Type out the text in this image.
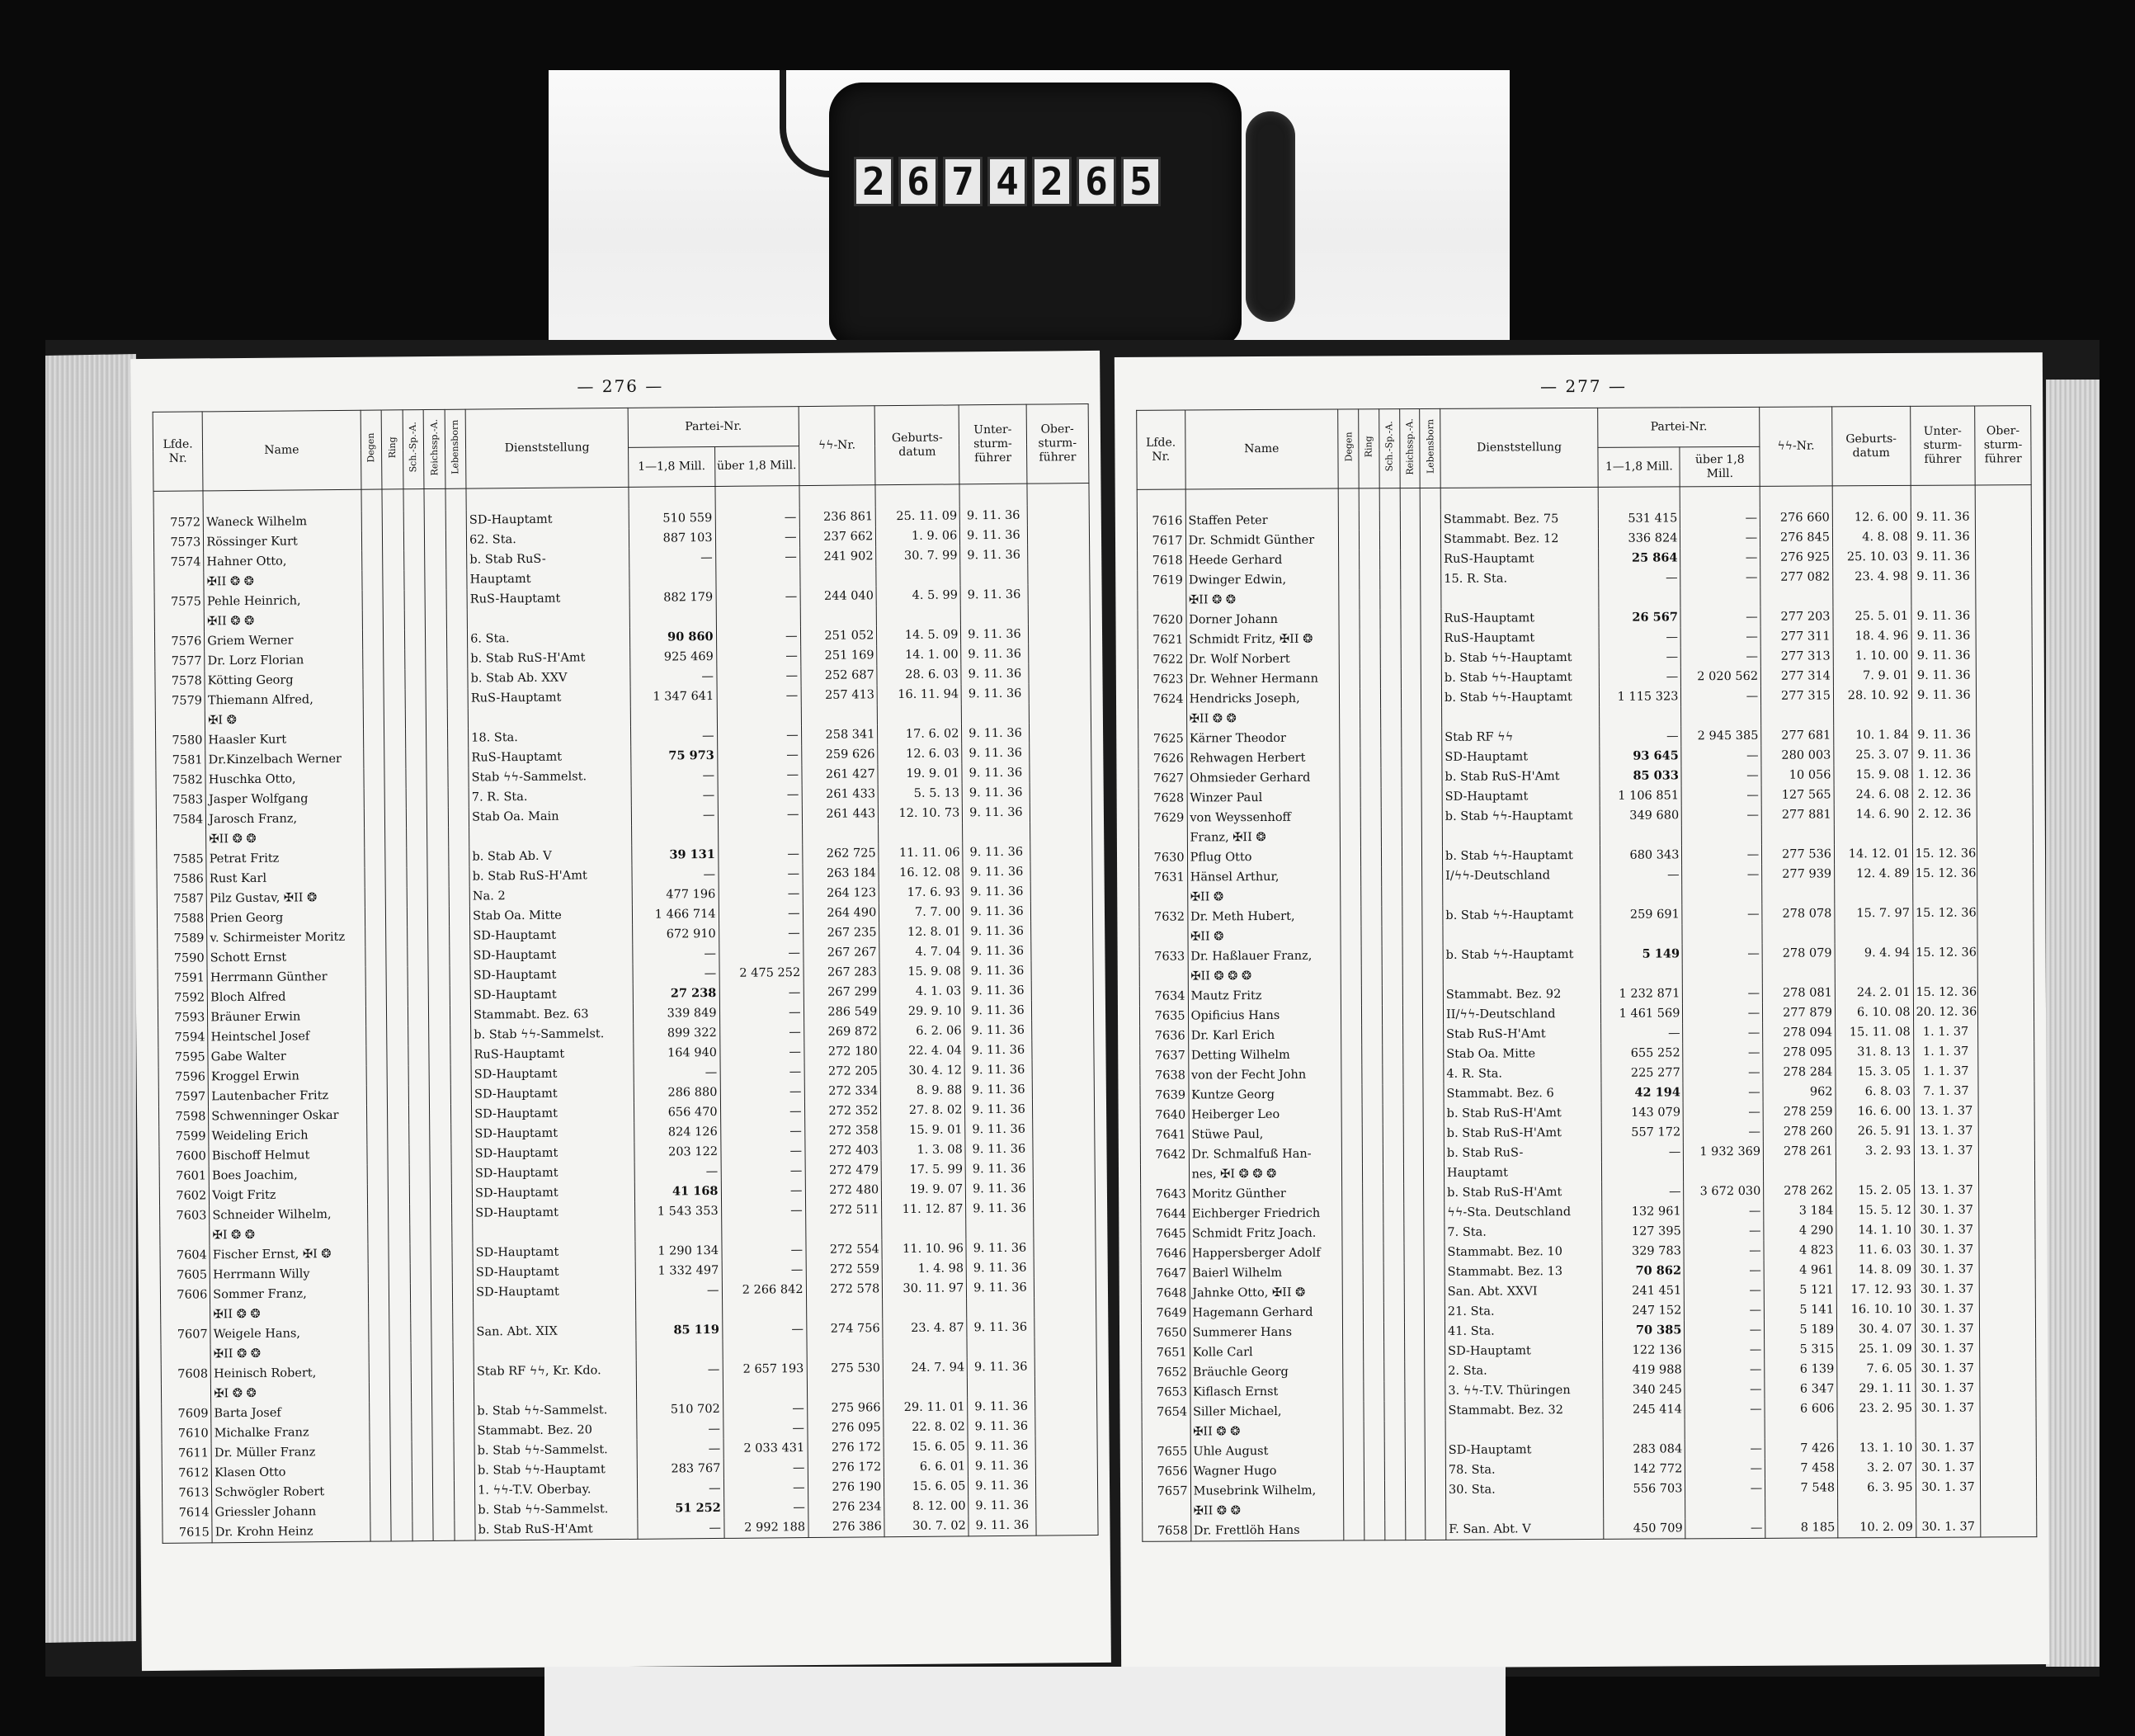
2 6 7 4 2 6 5
— 276 —
Lfde. Nr.	Name	Degen	Ring	Sch.-Sp.-A.	Reichssp.-A.	Lebensborn	Dienststellung	Partei-Nr.		ϟϟ-Nr.	Geburts-datum	Unter-sturm-führer	Ober-sturm-führer
								1—1,8 Mill.	über 1,8 Mill.				

7572	Waneck Wilhelm						SD-Hauptamt	510 559	—	236 861	25. 11. 09	9. 11. 36	
7573	Rössinger Kurt						62. Sta.	887 103	—	237 662	1. 9. 06	9. 11. 36	
7574	Hahner Otto,						b. Stab RuS-	—	—	241 902	30. 7. 99	9. 11. 36	
	✠II ❂ ❂						Hauptamt						
7575	Pehle Heinrich,						RuS-Hauptamt	882 179	—	244 040	4. 5. 99	9. 11. 36	
	✠II ❂ ❂												
7576	Griem Werner						6. Sta.	90 860	—	251 052	14. 5. 09	9. 11. 36	
7577	Dr. Lorz Florian						b. Stab RuS-H'Amt	925 469	—	251 169	14. 1. 00	9. 11. 36	
7578	Kötting Georg						b. Stab Ab. XXV	—	—	252 687	28. 6. 03	9. 11. 36	
7579	Thiemann Alfred,						RuS-Hauptamt	1 347 641	—	257 413	16. 11. 94	9. 11. 36	
	✠I ❂												
7580	Haasler Kurt						18. Sta.	—	—	258 341	17. 6. 02	9. 11. 36	
7581	Dr.Kinzelbach Werner						RuS-Hauptamt	75 973	—	259 626	12. 6. 03	9. 11. 36	
7582	Huschka Otto,						Stab ϟϟ-Sammelst.	—	—	261 427	19. 9. 01	9. 11. 36	
7583	Jasper Wolfgang						7. R. Sta.	—	—	261 433	5. 5. 13	9. 11. 36	
7584	Jarosch Franz,						Stab Oa. Main	—	—	261 443	12. 10. 73	9. 11. 36	
	✠II ❂ ❂												
7585	Petrat Fritz						b. Stab Ab. V	39 131	—	262 725	11. 11. 06	9. 11. 36	
7586	Rust Karl						b. Stab RuS-H'Amt	—	—	263 184	16. 12. 08	9. 11. 36	
7587	Pilz Gustav, ✠II ❂						Na. 2	477 196	—	264 123	17. 6. 93	9. 11. 36	
7588	Prien Georg						Stab Oa. Mitte	1 466 714	—	264 490	7. 7. 00	9. 11. 36	
7589	v. Schirmeister Moritz						SD-Hauptamt	672 910	—	267 235	12. 8. 01	9. 11. 36	
7590	Schott Ernst						SD-Hauptamt	—	—	267 267	4. 7. 04	9. 11. 36	
7591	Herrmann Günther						SD-Hauptamt	—	2 475 252	267 283	15. 9. 08	9. 11. 36	
7592	Bloch Alfred						SD-Hauptamt	27 238	—	267 299	4. 1. 03	9. 11. 36	
7593	Bräuner Erwin						Stammabt. Bez. 63	339 849	—	286 549	29. 9. 10	9. 11. 36	
7594	Heintschel Josef						b. Stab ϟϟ-Sammelst.	899 322	—	269 872	6. 2. 06	9. 11. 36	
7595	Gabe Walter						RuS-Hauptamt	164 940	—	272 180	22. 4. 04	9. 11. 36	
7596	Kroggel Erwin						SD-Hauptamt	—	—	272 205	30. 4. 12	9. 11. 36	
7597	Lautenbacher Fritz						SD-Hauptamt	286 880	—	272 334	8. 9. 88	9. 11. 36	
7598	Schwenninger Oskar						SD-Hauptamt	656 470	—	272 352	27. 8. 02	9. 11. 36	
7599	Weideling Erich						SD-Hauptamt	824 126	—	272 358	15. 9. 01	9. 11. 36	
7600	Bischoff Helmut						SD-Hauptamt	203 122	—	272 403	1. 3. 08	9. 11. 36	
7601	Boes Joachim,						SD-Hauptamt	—	—	272 479	17. 5. 99	9. 11. 36	
7602	Voigt Fritz						SD-Hauptamt	41 168	—	272 480	19. 9. 07	9. 11. 36	
7603	Schneider Wilhelm,						SD-Hauptamt	1 543 353	—	272 511	11. 12. 87	9. 11. 36	
	✠I ❂ ❂												
7604	Fischer Ernst, ✠I ❂						SD-Hauptamt	1 290 134	—	272 554	11. 10. 96	9. 11. 36	
7605	Herrmann Willy						SD-Hauptamt	1 332 497	—	272 559	1. 4. 98	9. 11. 36	
7606	Sommer Franz,						SD-Hauptamt	—	2 266 842	272 578	30. 11. 97	9. 11. 36	
	✠II ❂ ❂												
7607	Weigele Hans,						San. Abt. XIX	85 119	—	274 756	23. 4. 87	9. 11. 36	
	✠II ❂ ❂												
7608	Heinisch Robert,						Stab RF ϟϟ, Kr. Kdo.	—	2 657 193	275 530	24. 7. 94	9. 11. 36	
	✠I ❂ ❂												
7609	Barta Josef						b. Stab ϟϟ-Sammelst.	510 702	—	275 966	29. 11. 01	9. 11. 36	
7610	Michalke Franz						Stammabt. Bez. 20	—	—	276 095	22. 8. 02	9. 11. 36	
7611	Dr. Müller Franz						b. Stab ϟϟ-Sammelst.	—	2 033 431	276 172	15. 6. 05	9. 11. 36	
7612	Klasen Otto						b. Stab ϟϟ-Hauptamt	283 767	—	276 172	6. 6. 01	9. 11. 36	
7613	Schwögler Robert						1. ϟϟ-T.V. Oberbay.	—	—	276 190	15. 6. 05	9. 11. 36	
7614	Griessler Johann						b. Stab ϟϟ-Sammelst.	51 252	—	276 234	8. 12. 00	9. 11. 36	
7615	Dr. Krohn Heinz						b. Stab RuS-H'Amt	—	2 992 188	276 386	30. 7. 02	9. 11. 36	
— 277 —
Lfde. Nr.	Name	Degen	Ring	Sch.-Sp.-A.	Reichssp.-A.	Lebensborn	Dienststellung	Partei-Nr.		ϟϟ-Nr.	Geburts-datum	Unter-sturm-führer	Ober-sturm-führer
								1—1,8 Mill.	über 1,8 Mill.				

7616	Staffen Peter						Stammabt. Bez. 75	531 415	—	276 660	12. 6. 00	9. 11. 36	
7617	Dr. Schmidt Günther						Stammabt. Bez. 12	336 824	—	276 845	4. 8. 08	9. 11. 36	
7618	Heede Gerhard						RuS-Hauptamt	25 864	—	276 925	25. 10. 03	9. 11. 36	
7619	Dwinger Edwin,						15. R. Sta.	—	—	277 082	23. 4. 98	9. 11. 36	
	✠II ❂ ❂												
7620	Dorner Johann						RuS-Hauptamt	26 567	—	277 203	25. 5. 01	9. 11. 36	
7621	Schmidt Fritz, ✠II ❂						RuS-Hauptamt	—	—	277 311	18. 4. 96	9. 11. 36	
7622	Dr. Wolf Norbert						b. Stab ϟϟ-Hauptamt	—	—	277 313	1. 10. 00	9. 11. 36	
7623	Dr. Wehner Hermann						b. Stab ϟϟ-Hauptamt	—	2 020 562	277 314	7. 9. 01	9. 11. 36	
7624	Hendricks Joseph,						b. Stab ϟϟ-Hauptamt	1 115 323	—	277 315	28. 10. 92	9. 11. 36	
	✠II ❂ ❂												
7625	Kärner Theodor						Stab RF ϟϟ	—	2 945 385	277 681	10. 1. 84	9. 11. 36	
7626	Rehwagen Herbert						SD-Hauptamt	93 645	—	280 003	25. 3. 07	9. 11. 36	
7627	Ohmsieder Gerhard						b. Stab RuS-H'Amt	85 033	—	10 056	15. 9. 08	1. 12. 36	
7628	Winzer Paul						SD-Hauptamt	1 106 851	—	127 565	24. 6. 08	2. 12. 36	
7629	von Weyssenhoff						b. Stab ϟϟ-Hauptamt	349 680	—	277 881	14. 6. 90	2. 12. 36	
	Franz, ✠II ❂												
7630	Pflug Otto						b. Stab ϟϟ-Hauptamt	680 343	—	277 536	14. 12. 01	15. 12. 36	
7631	Hänsel Arthur,						I/ϟϟ-Deutschland	—	—	277 939	12. 4. 89	15. 12. 36	
	✠II ❂												
7632	Dr. Meth Hubert,						b. Stab ϟϟ-Hauptamt	259 691	—	278 078	15. 7. 97	15. 12. 36	
	✠II ❂												
7633	Dr. Haßlauer Franz,						b. Stab ϟϟ-Hauptamt	5 149	—	278 079	9. 4. 94	15. 12. 36	
	✠II ❂ ❂ ❂												
7634	Mautz Fritz						Stammabt. Bez. 92	1 232 871	—	278 081	24. 2. 01	15. 12. 36	
7635	Opificius Hans						II/ϟϟ-Deutschland	1 461 569	—	277 879	6. 10. 08	20. 12. 36	
7636	Dr. Karl Erich						Stab RuS-H'Amt	—	—	278 094	15. 11. 08	1. 1. 37	
7637	Detting Wilhelm						Stab Oa. Mitte	655 252	—	278 095	31. 8. 13	1. 1. 37	
7638	von der Fecht John						4. R. Sta.	225 277	—	278 284	15. 3. 05	1. 1. 37	
7639	Kuntze Georg						Stammabt. Bez. 6	42 194	—	962	6. 8. 03	7. 1. 37	
7640	Heiberger Leo						b. Stab RuS-H'Amt	143 079	—	278 259	16. 6. 00	13. 1. 37	
7641	Stüwe Paul,						b. Stab RuS-H'Amt	557 172	—	278 260	26. 5. 91	13. 1. 37	
7642	Dr. Schmalfuß Han-						b. Stab RuS-	—	1 932 369	278 261	3. 2. 93	13. 1. 37	
	nes, ✠I ❂ ❂ ❂						Hauptamt						
7643	Moritz Günther						b. Stab RuS-H'Amt	—	3 672 030	278 262	15. 2. 05	13. 1. 37	
7644	Eichberger Friedrich						ϟϟ-Sta. Deutschland	132 961	—	3 184	15. 5. 12	30. 1. 37	
7645	Schmidt Fritz Joach.						7. Sta.	127 395	—	4 290	14. 1. 10	30. 1. 37	
7646	Happersberger Adolf						Stammabt. Bez. 10	329 783	—	4 823	11. 6. 03	30. 1. 37	
7647	Baierl Wilhelm						Stammabt. Bez. 13	70 862	—	4 961	14. 8. 09	30. 1. 37	
7648	Jahnke Otto, ✠II ❂						San. Abt. XXVI	241 451	—	5 121	17. 12. 93	30. 1. 37	
7649	Hagemann Gerhard						21. Sta.	247 152	—	5 141	16. 10. 10	30. 1. 37	
7650	Summerer Hans						41. Sta.	70 385	—	5 189	30. 4. 07	30. 1. 37	
7651	Kolle Carl						SD-Hauptamt	122 136	—	5 315	25. 1. 09	30. 1. 37	
7652	Bräuchle Georg						2. Sta.	419 988	—	6 139	7. 6. 05	30. 1. 37	
7653	Kiflasch Ernst						3. ϟϟ-T.V. Thüringen	340 245	—	6 347	29. 1. 11	30. 1. 37	
7654	Siller Michael,						Stammabt. Bez. 32	245 414	—	6 606	23. 2. 95	30. 1. 37	
	✠II ❂ ❂												
7655	Uhle August						SD-Hauptamt	283 084	—	7 426	13. 1. 10	30. 1. 37	
7656	Wagner Hugo						78. Sta.	142 772	—	7 458	3. 2. 07	30. 1. 37	
7657	Musebrink Wilhelm,						30. Sta.	556 703	—	7 548	6. 3. 95	30. 1. 37	
	✠II ❂ ❂												
7658	Dr. Frettlöh Hans						F. San. Abt. V	450 709	—	8 185	10. 2. 09	30. 1. 37	
